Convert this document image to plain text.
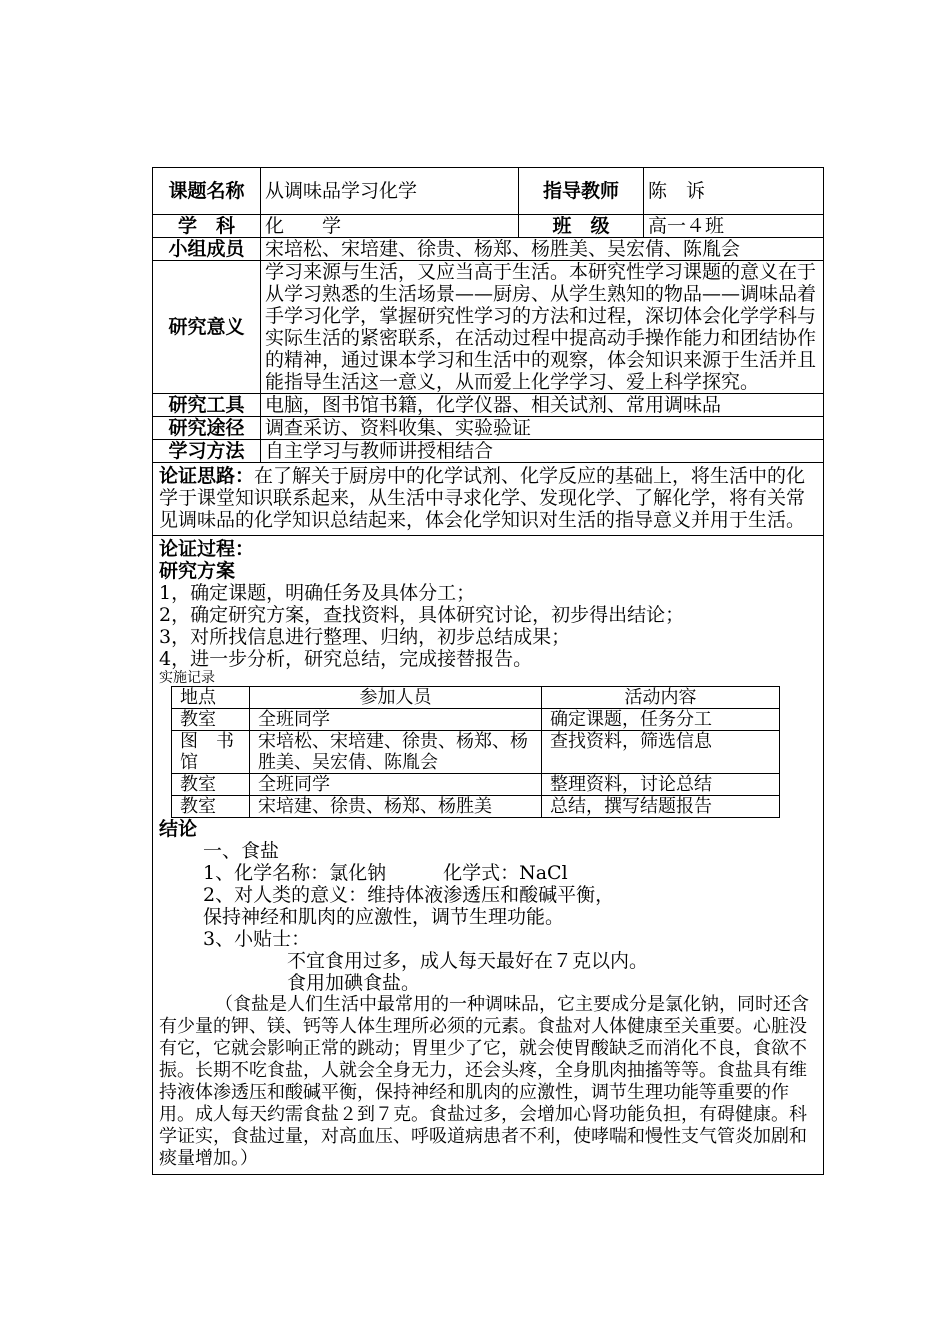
课题名称	从调味品学习化学	指导教师	陈　诉
学　科	化　　学	班　级	高一４班
小组成员	宋培松、宋培建、徐贵、杨郑、杨胜美、吴宏倩、陈胤会
研究意义	学习来源与生活，又应当高于生活。本研究性学习课题的意义在于从学习熟悉的生活场景——厨房、从学生熟知的物品——调味品着手学习化学，掌握研究性学习的方法和过程，深切体会化学学科与实际生活的紧密联系，在活动过程中提高动手操作能力和团结协作的精神，通过课本学习和生活中的观察，体会知识来源于生活并且能指导生活这一意义，从而爱上化学学习、爱上科学探究。
研究工具	电脑，图书馆书籍，化学仪器、相关试剂、常用调味品
研究途径	调查采访、资料收集、实验验证
学习方法	自主学习与教师讲授相结合
论证思路：在了解关于厨房中的化学试剂、化学反应的基础上，将生活中的化学于课堂知识联系起来，从生活中寻求化学、发现化学、了解化学，将有关常见调味品的化学知识总结起来，体会化学知识对生活的指导意义并用于生活。

论证过程：
研究方案
1，确定课题，明确任务及具体分工；
2，确定研究方案，查找资料，具体研究讨论，初步得出结论；
3，对所找信息进行整理、归纳，初步总结成果；
4，进一步分析，研究总结，完成接替报告。
实施记录
地点	参加人员	活动内容
教室	全班同学	确定课题，任务分工
图　书馆	宋培松、宋培建、徐贵、杨郑、杨胜美、吴宏倩、陈胤会	查找资料，筛选信息
教室	全班同学	整理资料，讨论总结
教室	宋培建、徐贵、杨郑、杨胜美	总结，撰写结题报告
结论
一、食盐
1、化学名称：氯化钠　　　化学式：NaCl
2、对人类的意义：维持体液渗透压和酸碱平衡，
保持神经和肌肉的应激性，调节生理功能。
3、小贴士：
不宜食用过多，成人每天最好在７克以内。
食用加碘食盐。
（食盐是人们生活中最常用的一种调味品，它主要成分是氯化钠，同时还含有少量的钾、镁、钙等人体生理所必须的元素。食盐对人体健康至关重要。心脏没有它，它就会影响正常的跳动；胃里少了它，就会使胃酸缺乏而消化不良，食欲不振。长期不吃食盐，人就会全身无力，还会头疼，全身肌肉抽搐等等。食盐具有维持液体渗透压和酸碱平衡，保持神经和肌肉的应激性，调节生理功能等重要的作用。成人每天约需食盐２到７克。食盐过多，会增加心肾功能负担，有碍健康。科学证实，食盐过量，对高血压、呼吸道病患者不利，使哮喘和慢性支气管炎加剧和痰量增加。）
